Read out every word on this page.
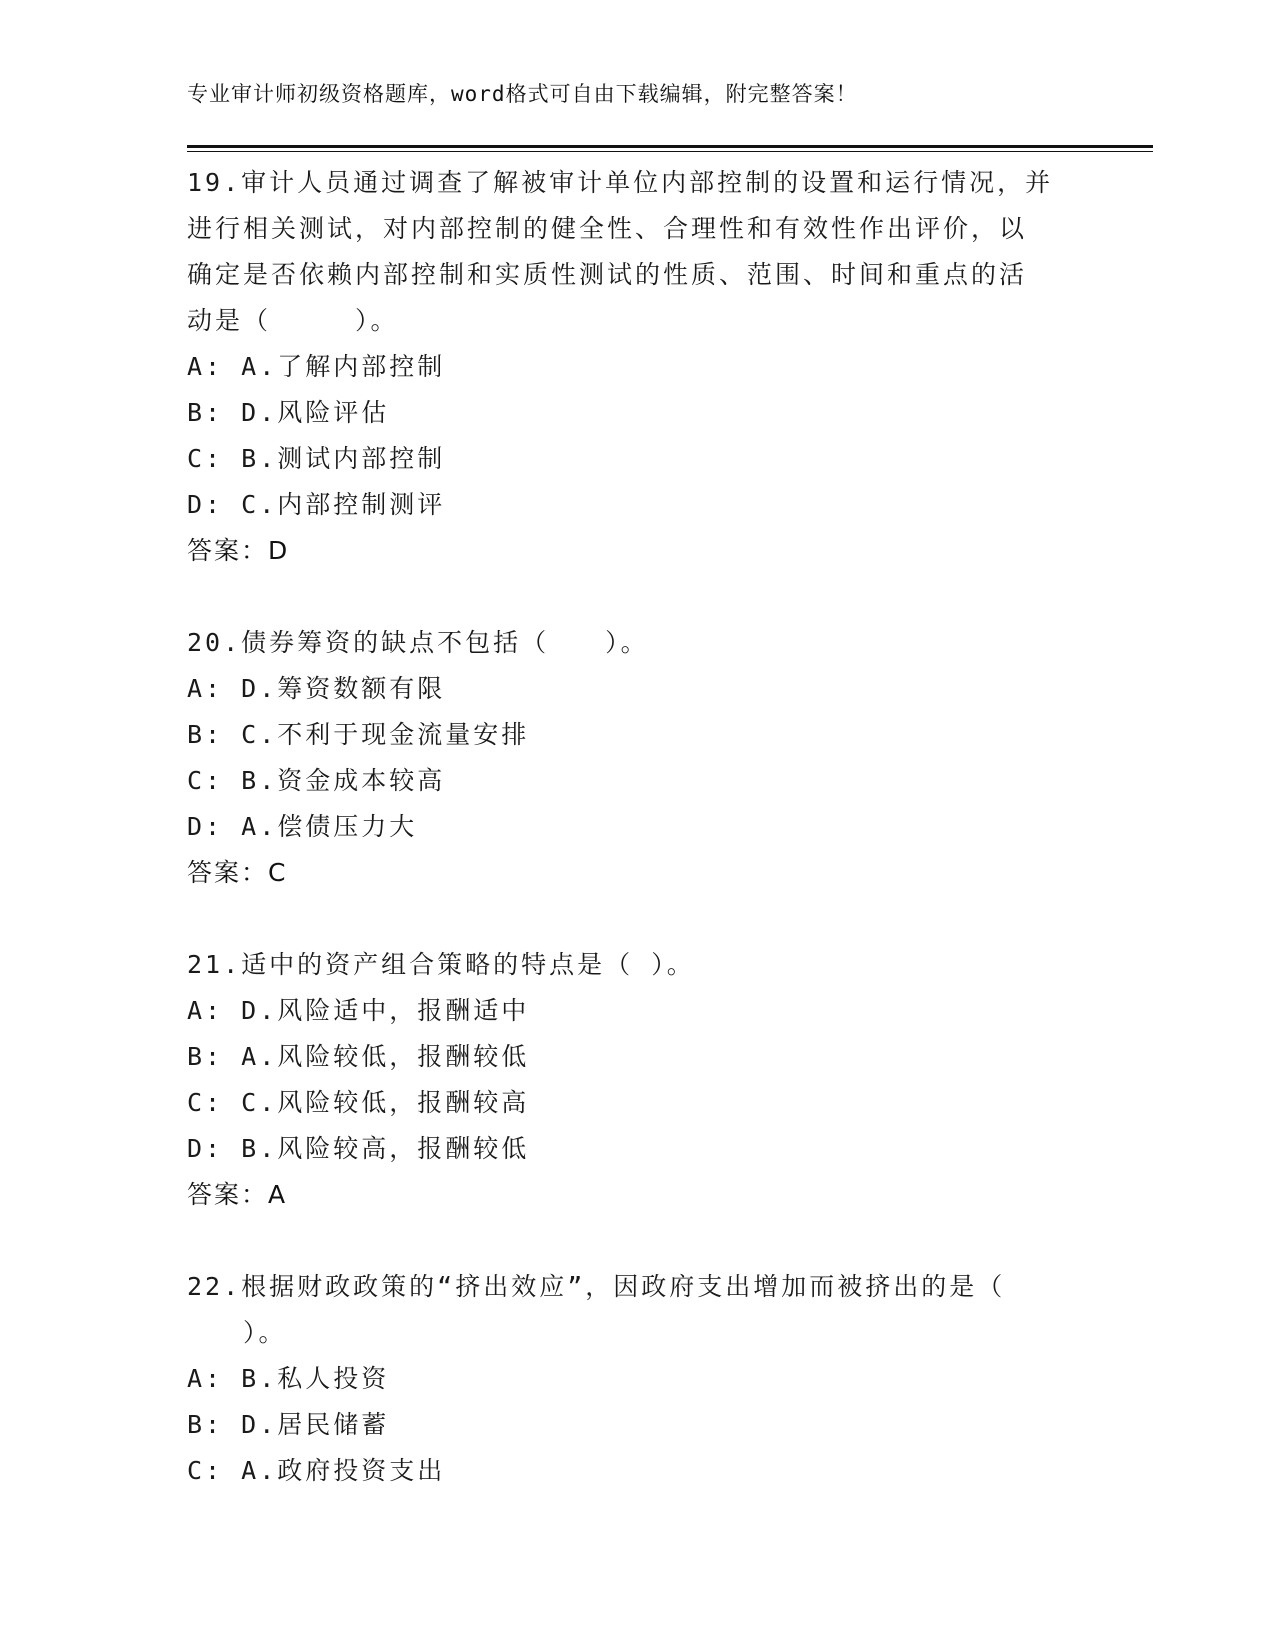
专业审计师初级资格题库，word格式可自由下载编辑，附完整答案！
19.审计人员通过调查了解被审计单位内部控制的设置和运行情况，并
进行相关测试，对内部控制的健全性、合理性和有效性作出评价，以
确定是否依赖内部控制和实质性测试的性质、范围、时间和重点的活
动是（　　　）。
A: A.了解内部控制
B: D.风险评估
C: B.测试内部控制
D: C.内部控制测评
答案：D
20.债券筹资的缺点不包括（　　）。
A: D.筹资数额有限
B: C.不利于现金流量安排
C: B.资金成本较高
D: A.偿债压力大
答案：C
21.适中的资产组合策略的特点是（ ）。
A: D.风险适中，报酬适中
B: A.风险较低，报酬较低
C: C.风险较低，报酬较高
D: B.风险较高，报酬较低
答案：A
22.根据财政政策的“挤出效应”，因政府支出增加而被挤出的是（
　　）。
A: B.私人投资
B: D.居民储蓄
C: A.政府投资支出
